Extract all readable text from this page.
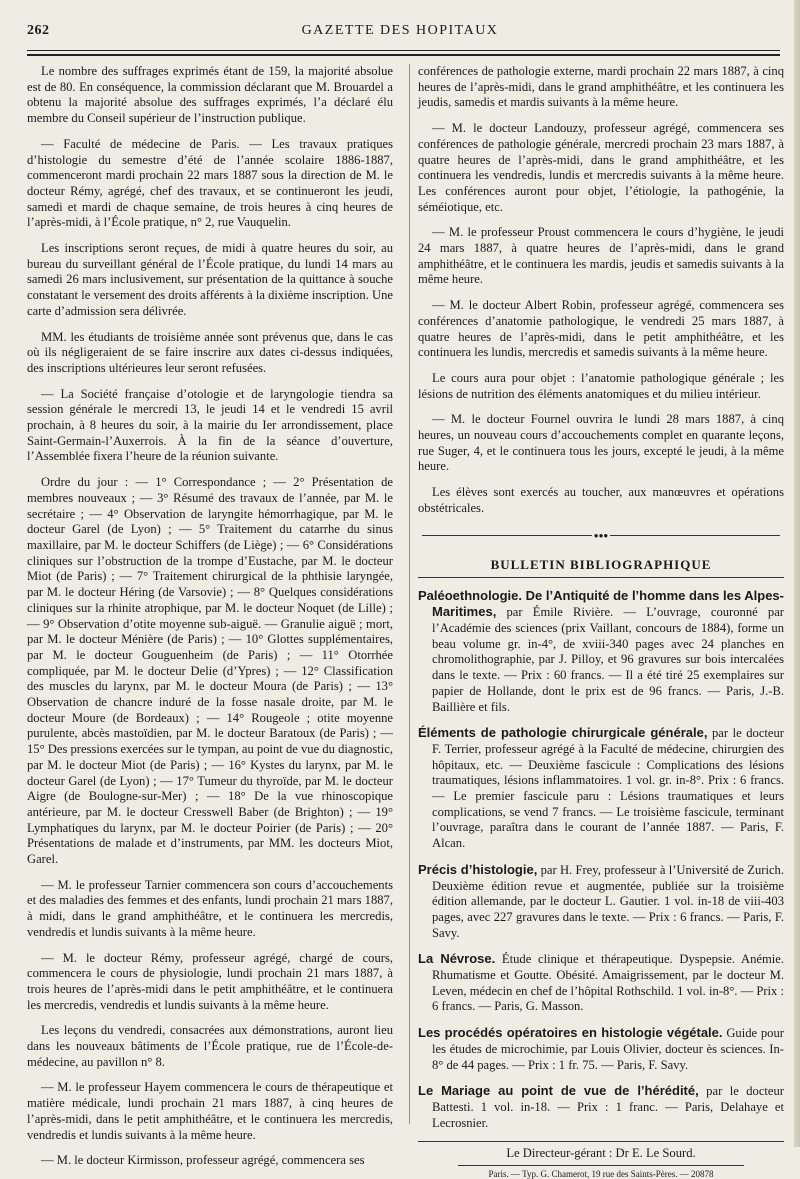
262	GAZETTE DES HOPITAUX

Le nombre des suffrages exprimés étant de 159, la majorité absolue est de 80. En conséquence, la commission déclarant que M. Brouardel a obtenu la majorité absolue des suffrages exprimés, l’a déclaré élu membre du Conseil supérieur de l’instruction publique.

— Faculté de médecine de Paris. — Les travaux pratiques d’histologie du semestre d’été de l’année scolaire 1886-1887, commenceront mardi prochain 22 mars 1887 sous la direction de M. le docteur Rémy, agrégé, chef des travaux, et se continueront les jeudi, samedi et mardi de chaque semaine, de trois heures à cinq heures de l’après-midi, à l’École pratique, n° 2, rue Vauquelin.

Les inscriptions seront reçues, de midi à quatre heures du soir, au bureau du surveillant général de l’École pratique, du lundi 14 mars au samedi 26 mars inclusivement, sur présentation de la quittance à souche constatant le versement des droits afférents à la dixième inscription. Une carte d’admission sera délivrée.

MM. les étudiants de troisième année sont prévenus que, dans le cas où ils négligeraient de se faire inscrire aux dates ci-dessus indiquées, des inscriptions ultérieures leur seront refusées.

— La Société française d’otologie et de laryngologie tiendra sa session générale le mercredi 13, le jeudi 14 et le vendredi 15 avril prochain, à 8 heures du soir, à la mairie du Ier arrondissement, place Saint-Germain-l’Auxerrois. À la fin de la séance d’ouverture, l’Assemblée fixera l’heure de la réunion suivante.

Ordre du jour : — 1° Correspondance ; — 2° Présentation de membres nouveaux ; — 3° Résumé des travaux de l’année, par M. le secrétaire ; — 4° Observation de laryngite hémorrhagique, par M. le docteur Garel (de Lyon) ; — 5° Traitement du catarrhe du sinus maxillaire, par M. le docteur Schiffers (de Liège) ; — 6° Considérations cliniques sur l’obstruction de la trompe d’Eustache, par M. le docteur Miot (de Paris) ; — 7° Traitement chirurgical de la phthisie laryngée, par M. le docteur Héring (de Varsovie) ; — 8° Quelques considérations cliniques sur la rhinite atrophique, par M. le docteur Noquet (de Lille) ; — 9° Observation d’otite moyenne sub-aiguë. — Granulie aiguë ; mort, par M. le docteur Ménière (de Paris) ; — 10° Glottes supplémentaires, par M. le docteur Gouguenheim (de Paris) ; — 11° Otorrhée compliquée, par M. le docteur Delie (d’Ypres) ; — 12° Classification des muscles du larynx, par M. le docteur Moura (de Paris) ; — 13° Observation de chancre induré de la fosse nasale droite, par M. le docteur Moure (de Bordeaux) ; — 14° Rougeole ; otite moyenne purulente, abcès mastoïdien, par M. le docteur Baratoux (de Paris) ; — 15° Des pressions exercées sur le tympan, au point de vue du diagnostic, par M. le docteur Miot (de Paris) ; — 16° Kystes du larynx, par M. le docteur Garel (de Lyon) ; — 17° Tumeur du thyroïde, par M. le docteur Aigre (de Boulogne-sur-Mer) ; — 18° De la vue rhinoscopique antérieure, par M. le docteur Cresswell Baber (de Brighton) ; — 19° Lymphatiques du larynx, par M. le docteur Poirier (de Paris) ; — 20° Présentations de malade et d’instruments, par MM. les docteurs Miot, Garel.

— M. le professeur Tarnier commencera son cours d’accouchements et des maladies des femmes et des enfants, lundi prochain 21 mars 1887, à midi, dans le grand amphithéâtre, et le continuera les mercredis, vendredis et lundis suivants à la même heure.

— M. le docteur Rémy, professeur agrégé, chargé de cours, commencera le cours de physiologie, lundi prochain 21 mars 1887, à trois heures de l’après-midi dans le petit amphithéâtre, et le continuera les mercredis, vendredis et lundis suivants à la même heure.

Les leçons du vendredi, consacrées aux démonstrations, auront lieu dans les nouveaux bâtiments de l’École pratique, rue de l’École-de-médecine, au pavillon n° 8.

— M. le professeur Hayem commencera le cours de thérapeutique et matière médicale, lundi prochain 21 mars 1887, à cinq heures de l’après-midi, dans le petit amphithéâtre, et le continuera les mercredis, vendredis et lundis suivants à la même heure.

— M. le docteur Kirmisson, professeur agrégé, commencera ses

conférences de pathologie externe, mardi prochain 22 mars 1887, à cinq heures de l’après-midi, dans le grand amphithéâtre, et les continuera les jeudis, samedis et mardis suivants à la même heure.

— M. le docteur Landouzy, professeur agrégé, commencera ses conférences de pathologie générale, mercredi prochain 23 mars 1887, à quatre heures de l’après-midi, dans le grand amphithéâtre, et les continuera les vendredis, lundis et mercredis suivants à la même heure. Les conférences auront pour objet, l’étiologie, la pathogénie, la séméiotique, etc.

— M. le professeur Proust commencera le cours d’hygiène, le jeudi 24 mars 1887, à quatre heures de l’après-midi, dans le grand amphithéâtre, et le continuera les mardis, jeudis et samedis suivants à la même heure.

— M. le docteur Albert Robin, professeur agrégé, commencera ses conférences d’anatomie pathologique, le vendredi 25 mars 1887, à quatre heures de l’après-midi, dans le petit amphithéâtre, et les continuera les lundis, mercredis et samedis suivants à la même heure.

Le cours aura pour objet : l’anatomie pathologique générale ; les lésions de nutrition des éléments anatomiques et du milieu intérieur.

— M. le docteur Fournel ouvrira le lundi 28 mars 1887, à cinq heures, un nouveau cours d’accouchements complet en quarante leçons, rue Suger, 4, et le continuera tous les jours, excepté le jeudi, à la même heure.

Les élèves sont exercés au toucher, aux manœuvres et opérations obstétricales.

●●●
BULLETIN BIBLIOGRAPHIQUE

Paléoethnologie. De l’Antiquité de l’homme dans les Alpes-Maritimes, par Émile Rivière. — L’ouvrage, couronné par l’Académie des sciences (prix Vaillant, concours de 1884), forme un beau volume gr. in-4°, de xviii-340 pages avec 24 planches en chromolithographie, par J. Pilloy, et 96 gravures sur bois intercalées dans le texte. — Prix : 60 francs. — Il a été tiré 25 exemplaires sur papier de Hollande, dont le prix est de 96 francs. — Paris, J.-B. Baillière et fils.

Éléments de pathologie chirurgicale générale, par le docteur F. Terrier, professeur agrégé à la Faculté de médecine, chirurgien des hôpitaux, etc. — Deuxième fascicule : Complications des lésions traumatiques, lésions inflammatoires. 1 vol. gr. in-8°. Prix : 6 francs. — Le premier fascicule paru : Lésions traumatiques et leurs complications, se vend 7 francs. — Le troisième fascicule, terminant l’ouvrage, paraîtra dans le courant de l’année 1887. — Paris, F. Alcan.

Précis d’histologie, par H. Frey, professeur à l’Université de Zurich. Deuxième édition revue et augmentée, publiée sur la troisième édition allemande, par le docteur L. Gautier. 1 vol. in-18 de viii-403 pages, avec 227 gravures dans le texte. — Prix : 6 francs. — Paris, F. Savy.

La Névrose. Étude clinique et thérapeutique. Dyspepsie. Anémie. Rhumatisme et Goutte. Obésité. Amaigrissement, par le docteur M. Leven, médecin en chef de l’hôpital Rothschild. 1 vol. in-8°. — Prix : 6 francs. — Paris, G. Masson.

Les procédés opératoires en histologie végétale. Guide pour les études de microchimie, par Louis Olivier, docteur ès sciences. In-8° de 44 pages. — Prix : 1 fr. 75. — Paris, F. Savy.

Le Mariage au point de vue de l’hérédité, par le docteur Battesti. 1 vol. in-18. — Prix : 1 franc. — Paris, Delahaye et Lecrosnier.

Le Directeur-gérant : Dr E. Le Sourd.
Paris. — Typ. G. Chamerot, 19 rue des Saints-Pères. — 20878
